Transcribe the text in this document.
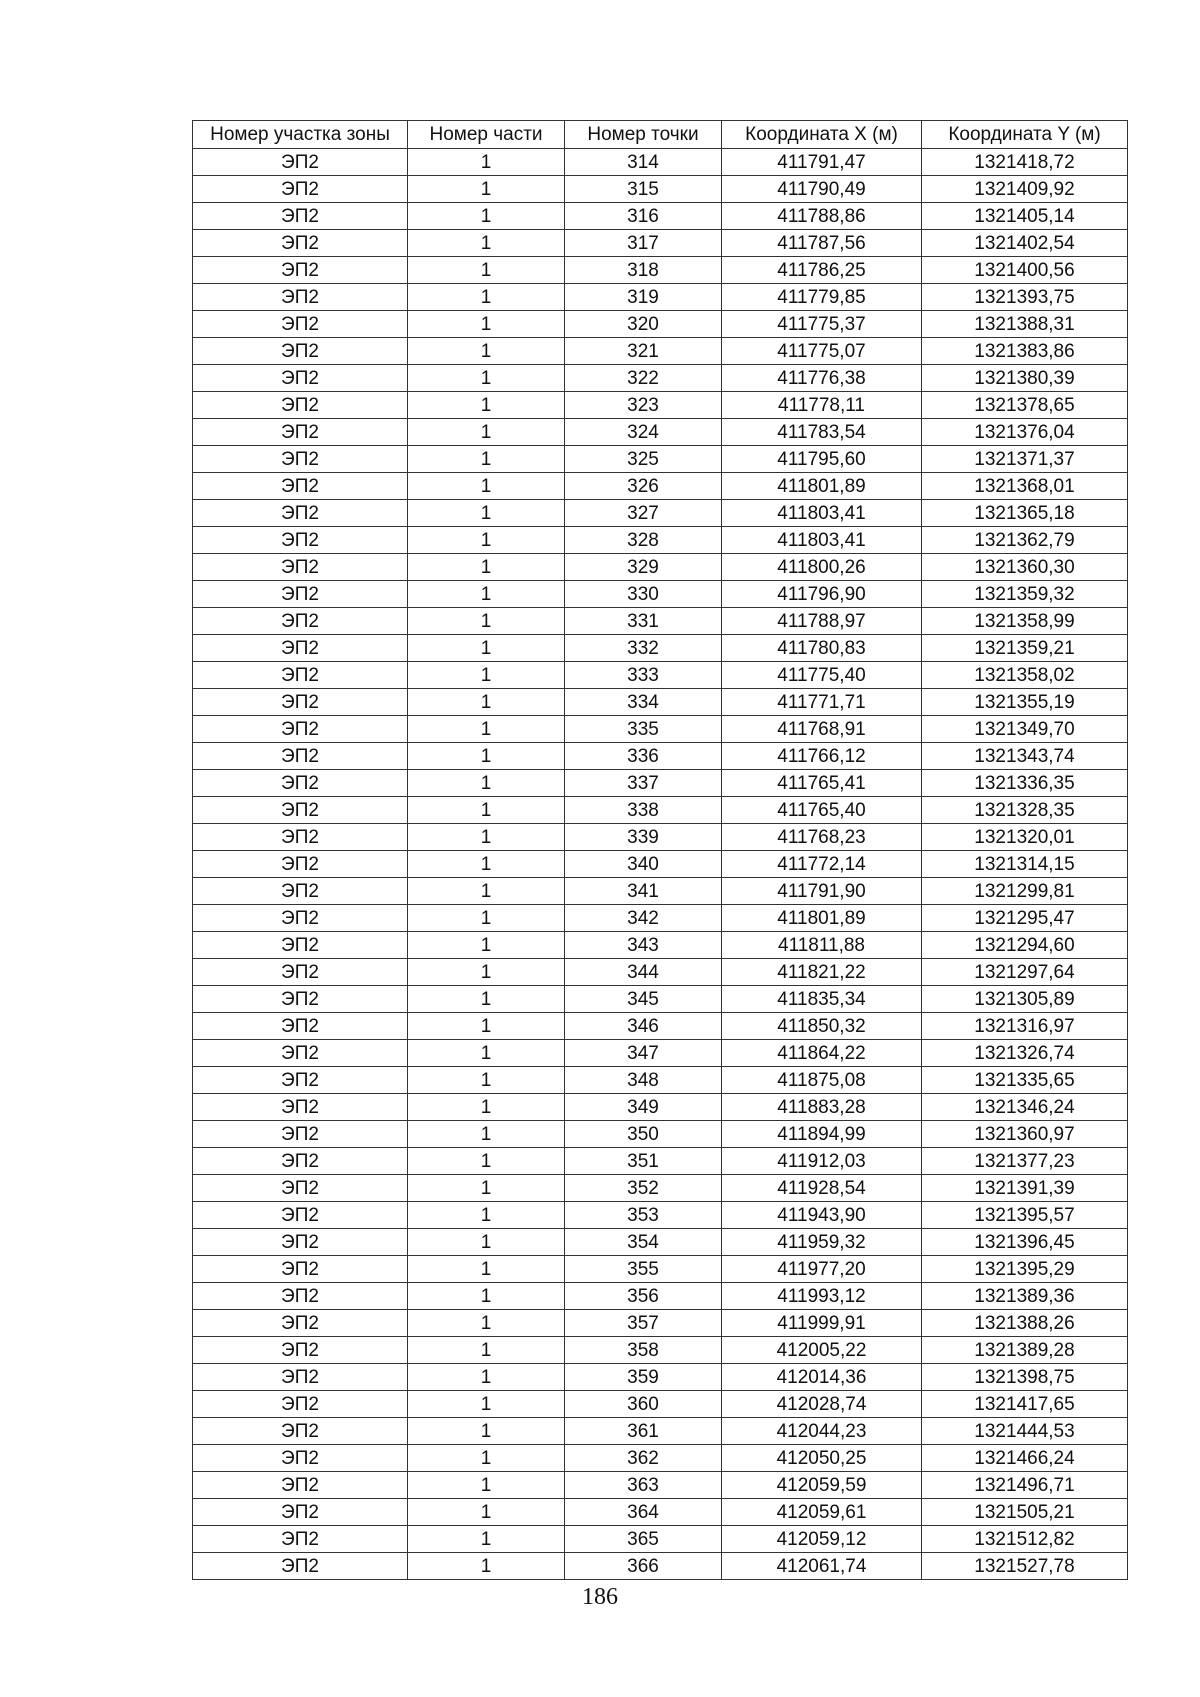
Номер участка зоны	Номер части	Номер точки	Координата X (м)	Координата Y (м)
ЭП2	1	314	411791,47	1321418,72
ЭП2	1	315	411790,49	1321409,92
ЭП2	1	316	411788,86	1321405,14
ЭП2	1	317	411787,56	1321402,54
ЭП2	1	318	411786,25	1321400,56
ЭП2	1	319	411779,85	1321393,75
ЭП2	1	320	411775,37	1321388,31
ЭП2	1	321	411775,07	1321383,86
ЭП2	1	322	411776,38	1321380,39
ЭП2	1	323	411778,11	1321378,65
ЭП2	1	324	411783,54	1321376,04
ЭП2	1	325	411795,60	1321371,37
ЭП2	1	326	411801,89	1321368,01
ЭП2	1	327	411803,41	1321365,18
ЭП2	1	328	411803,41	1321362,79
ЭП2	1	329	411800,26	1321360,30
ЭП2	1	330	411796,90	1321359,32
ЭП2	1	331	411788,97	1321358,99
ЭП2	1	332	411780,83	1321359,21
ЭП2	1	333	411775,40	1321358,02
ЭП2	1	334	411771,71	1321355,19
ЭП2	1	335	411768,91	1321349,70
ЭП2	1	336	411766,12	1321343,74
ЭП2	1	337	411765,41	1321336,35
ЭП2	1	338	411765,40	1321328,35
ЭП2	1	339	411768,23	1321320,01
ЭП2	1	340	411772,14	1321314,15
ЭП2	1	341	411791,90	1321299,81
ЭП2	1	342	411801,89	1321295,47
ЭП2	1	343	411811,88	1321294,60
ЭП2	1	344	411821,22	1321297,64
ЭП2	1	345	411835,34	1321305,89
ЭП2	1	346	411850,32	1321316,97
ЭП2	1	347	411864,22	1321326,74
ЭП2	1	348	411875,08	1321335,65
ЭП2	1	349	411883,28	1321346,24
ЭП2	1	350	411894,99	1321360,97
ЭП2	1	351	411912,03	1321377,23
ЭП2	1	352	411928,54	1321391,39
ЭП2	1	353	411943,90	1321395,57
ЭП2	1	354	411959,32	1321396,45
ЭП2	1	355	411977,20	1321395,29
ЭП2	1	356	411993,12	1321389,36
ЭП2	1	357	411999,91	1321388,26
ЭП2	1	358	412005,22	1321389,28
ЭП2	1	359	412014,36	1321398,75
ЭП2	1	360	412028,74	1321417,65
ЭП2	1	361	412044,23	1321444,53
ЭП2	1	362	412050,25	1321466,24
ЭП2	1	363	412059,59	1321496,71
ЭП2	1	364	412059,61	1321505,21
ЭП2	1	365	412059,12	1321512,82
ЭП2	1	366	412061,74	1321527,78
186
